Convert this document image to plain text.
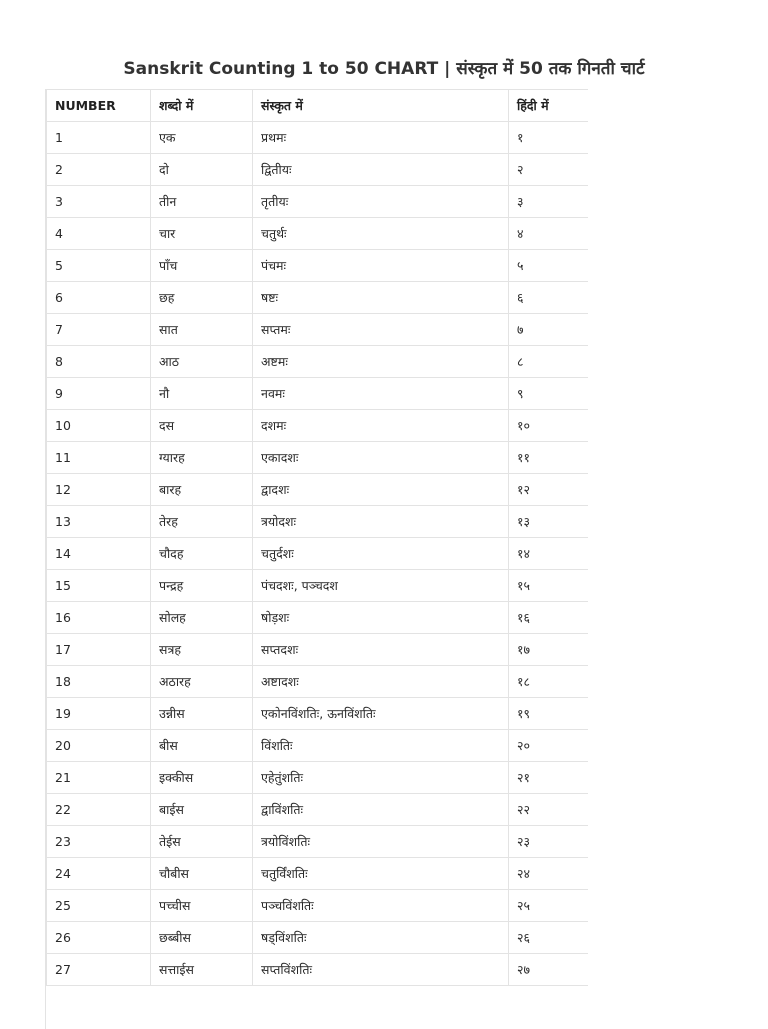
Sanskrit Counting 1 to 50 CHART | संस्कृत में 50 तक गिनती चार्ट
NUMBER	शब्दो में	संस्कृत में	हिंदी में
1	एक	प्रथमः	१
2	दो	द्वितीयः	२
3	तीन	तृतीयः	३
4	चार	चतुर्थः	४
5	पाँच	पंचमः	५
6	छह	षष्टः	६
7	सात	सप्तमः	७
8	आठ	अष्टमः	८
9	नौ	नवमः	९
10	दस	दशमः	१०
11	ग्यारह	एकादशः	११
12	बारह	द्वादशः	१२
13	तेरह	त्रयोदशः	१३
14	चौदह	चतुर्दशः	१४
15	पन्द्रह	पंचदशः, पञ्चदश	१५
16	सोलह	षोड़शः	१६
17	सत्रह	सप्तदशः	१७
18	अठारह	अष्टादशः	१८
19	उन्नीस	एकोनविंशतिः, ऊनविंशतिः	१९
20	बीस	विंशतिः	२०
21	इक्कीस	एहेतुंशतिः	२१
22	बाईस	द्वाविंशतिः	२२
23	तेईस	त्रयोविंशतिः	२३
24	चौबीस	चतुर्विंशतिः	२४
25	पच्चीस	पञ्चविंशतिः	२५
26	छब्बीस	षड्विंशतिः	२६
27	सत्ताईस	सप्तविंशतिः	२७
